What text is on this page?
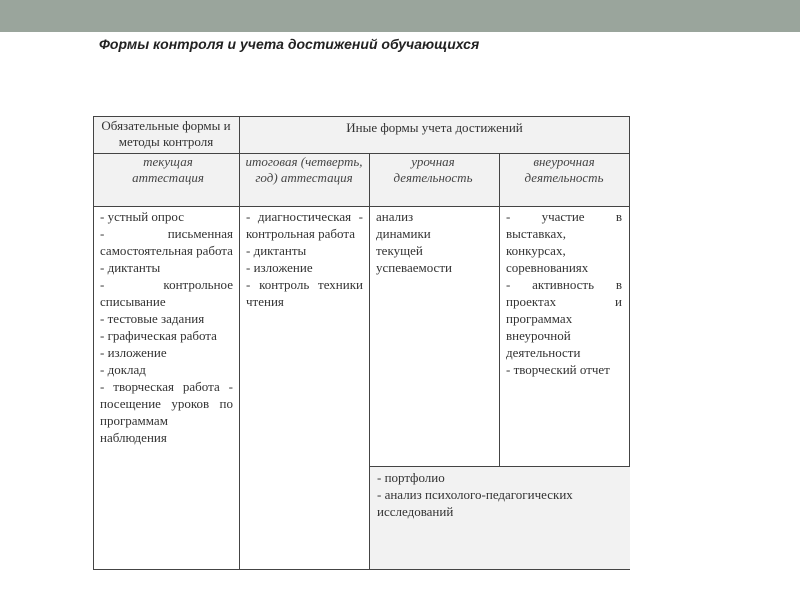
Формы контроля и учета достижений обучающихся
Обязательные формы и методы контроля
Иные формы учета достижений
текущая аттестация
итоговая (четверть, год) аттестация
урочная деятельность
внеурочная деятельность
- устный опрос
- письменная самостоятельная работа
- диктанты
- контрольное списывание
- тестовые задания
- графическая работа
- изложение
- доклад
- творческая работа - посещение уроков по программам наблюдения
- диагностическая - контрольная работа
- диктанты
- изложение
- контроль техники чтения
анализ динамики текущей успеваемости
- участие в выставках, конкурсах, соревнованиях
- активность в проектах и программах внеурочной деятельности
- творческий отчет
- портфолио
- анализ психолого-педагогических исследований
